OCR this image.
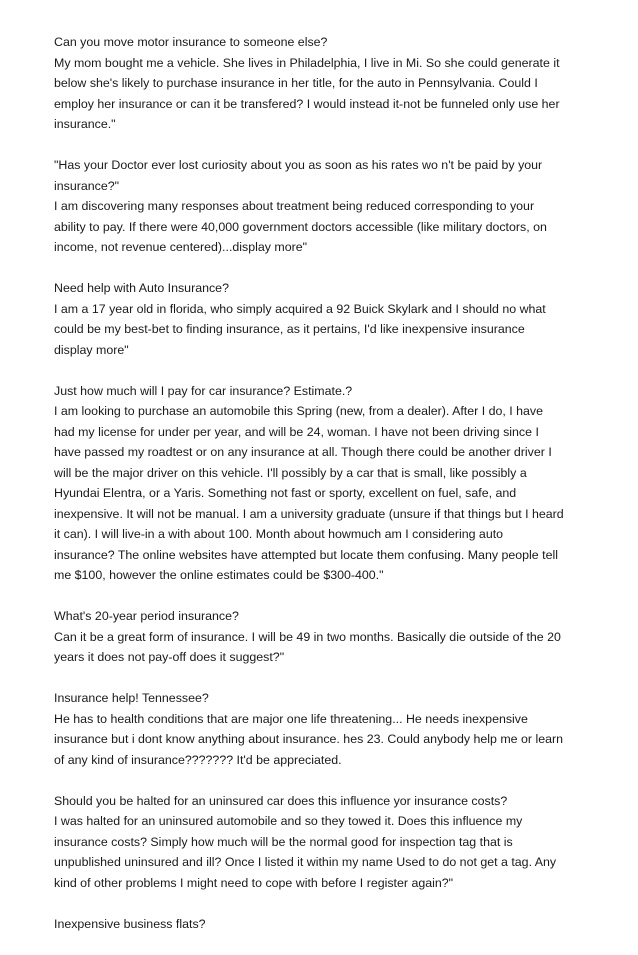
Can you move motor insurance to someone else?

My mom bought me a vehicle. She lives in Philadelphia, I live in Mi. So she could generate it

below she's likely to purchase insurance in her title, for the auto in Pennsylvania. Could I

employ her insurance or can it be transfered? I would instead it-not be funneled only use her

insurance."

"Has your Doctor ever lost curiosity about you as soon as his rates wo n't be paid by your

insurance?"

I am discovering many responses about treatment being reduced corresponding to your

ability to pay. If there were 40,000 government doctors accessible (like military doctors, on

income, not revenue centered)...display more"

Need help with Auto Insurance?

I am a 17 year old in florida, who simply acquired a 92 Buick Skylark and I should no what

could be my best-bet to finding insurance, as it pertains, I'd like inexpensive insurance

display more"

Just how much will I pay for car insurance? Estimate.?

I am looking to purchase an automobile this Spring (new, from a dealer). After I do, I have

had my license for under per year, and will be 24, woman. I have not been driving since I

have passed my roadtest or on any insurance at all. Though there could be another driver I

will be the major driver on this vehicle. I'll possibly by a car that is small, like possibly a

Hyundai Elentra, or a Yaris. Something not fast or sporty, excellent on fuel, safe, and

inexpensive. It will not be manual. I am a university graduate (unsure if that things but I heard

it can). I will live-in a with about 100. Month about howmuch am I considering auto

insurance? The online websites have attempted but locate them confusing. Many people tell

me $100, however the online estimates could be $300-400."

What's 20-year period insurance?

Can it be a great form of insurance. I will be 49 in two months. Basically die outside of the 20

years it does not pay-off does it suggest?"

Insurance help! Tennessee?

He has to health conditions that are major one life threatening... He needs inexpensive

insurance but i dont know anything about insurance. hes 23. Could anybody help me or learn

of any kind of insurance??????? It'd be appreciated.

Should you be halted for an uninsured car does this influence yor insurance costs?

I was halted for an uninsured automobile and so they towed it. Does this influence my

insurance costs? Simply how much will be the normal good for inspection tag that is

unpublished uninsured and ill? Once I listed it within my name Used to do not get a tag. Any

kind of other problems I might need to cope with before I register again?"

Inexpensive business flats?
